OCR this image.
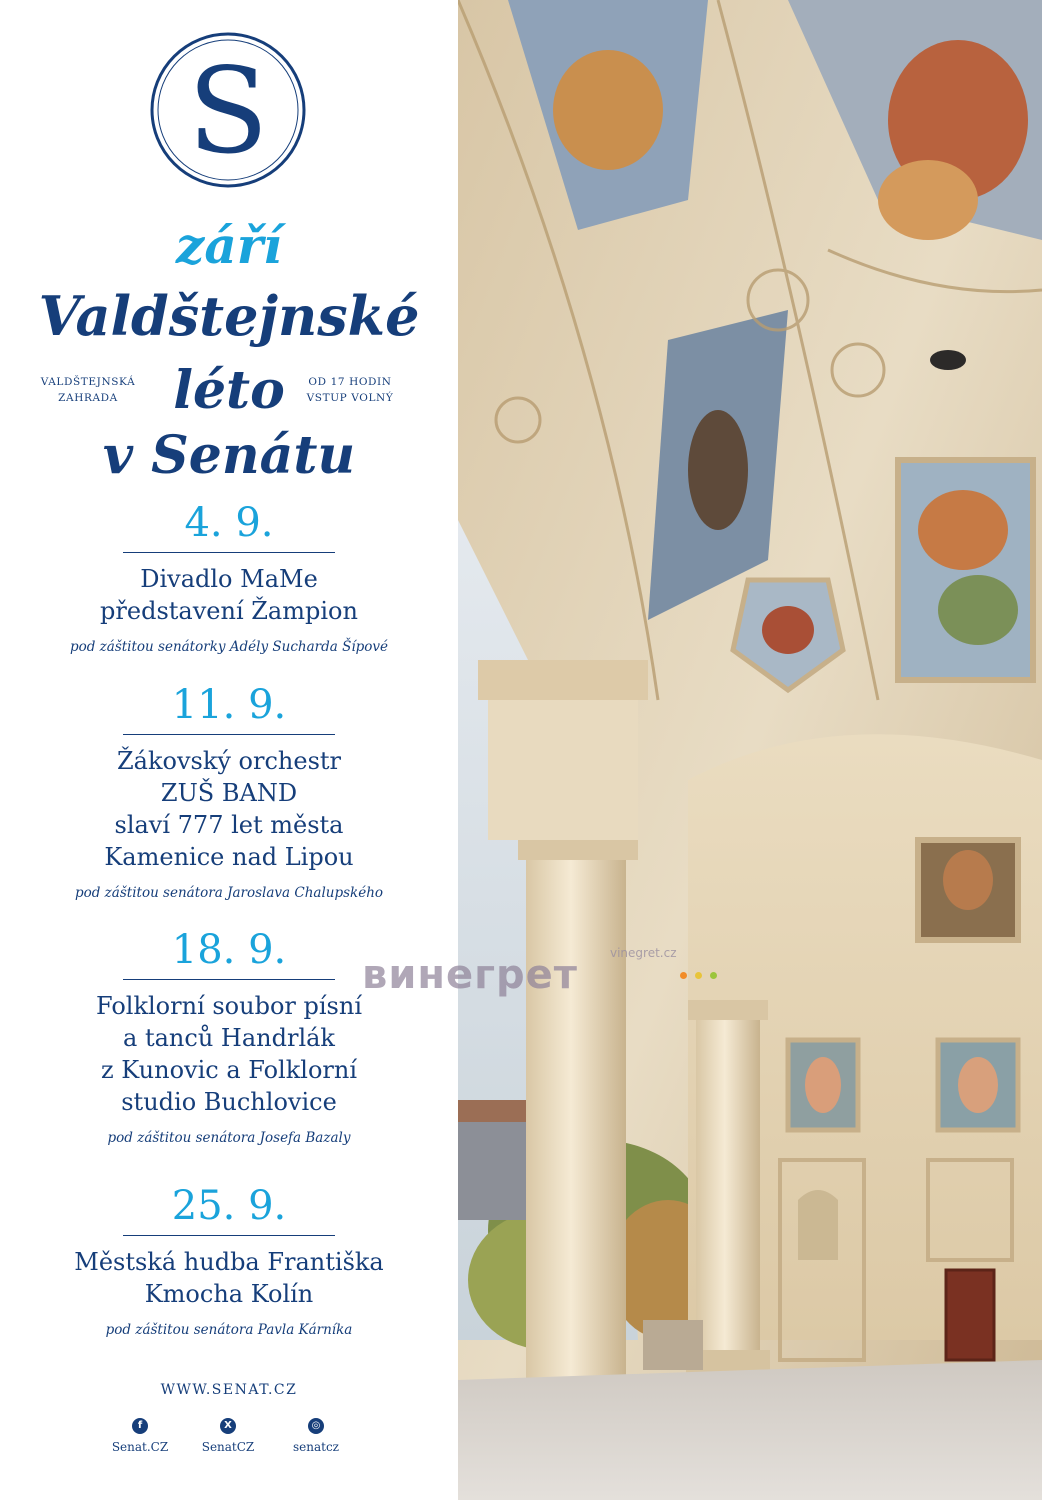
S
září
Valdštejnské
léto
v Senátu
VALDŠTEJNSKÁ
ZAHRADA
OD 17 HODIN
VSTUP VOLNÝ
4. 9.
Divadlo MaMe
představení Žampion
pod záštitou senátorky Adély Sucharda Šípové
11. 9.
Žákovský orchestr
ZUŠ BAND
slaví 777 let města
Kamenice nad Lipou
pod záštitou senátora Jaroslava Chalupského
18. 9.
Folklorní soubor písní
a tanců Handrlák
z Kunovic a Folklorní
studio Buchlovice
pod záštitou senátora Josefa Bazaly
25. 9.
Městská hudba Františka
Kmocha Kolín
pod záštitou senátora Pavla Kárníka
WWW.SENAT.CZ
f
Senat.CZ
X
SenatCZ
◎
senatcz
vinegret.cz
винегрет
